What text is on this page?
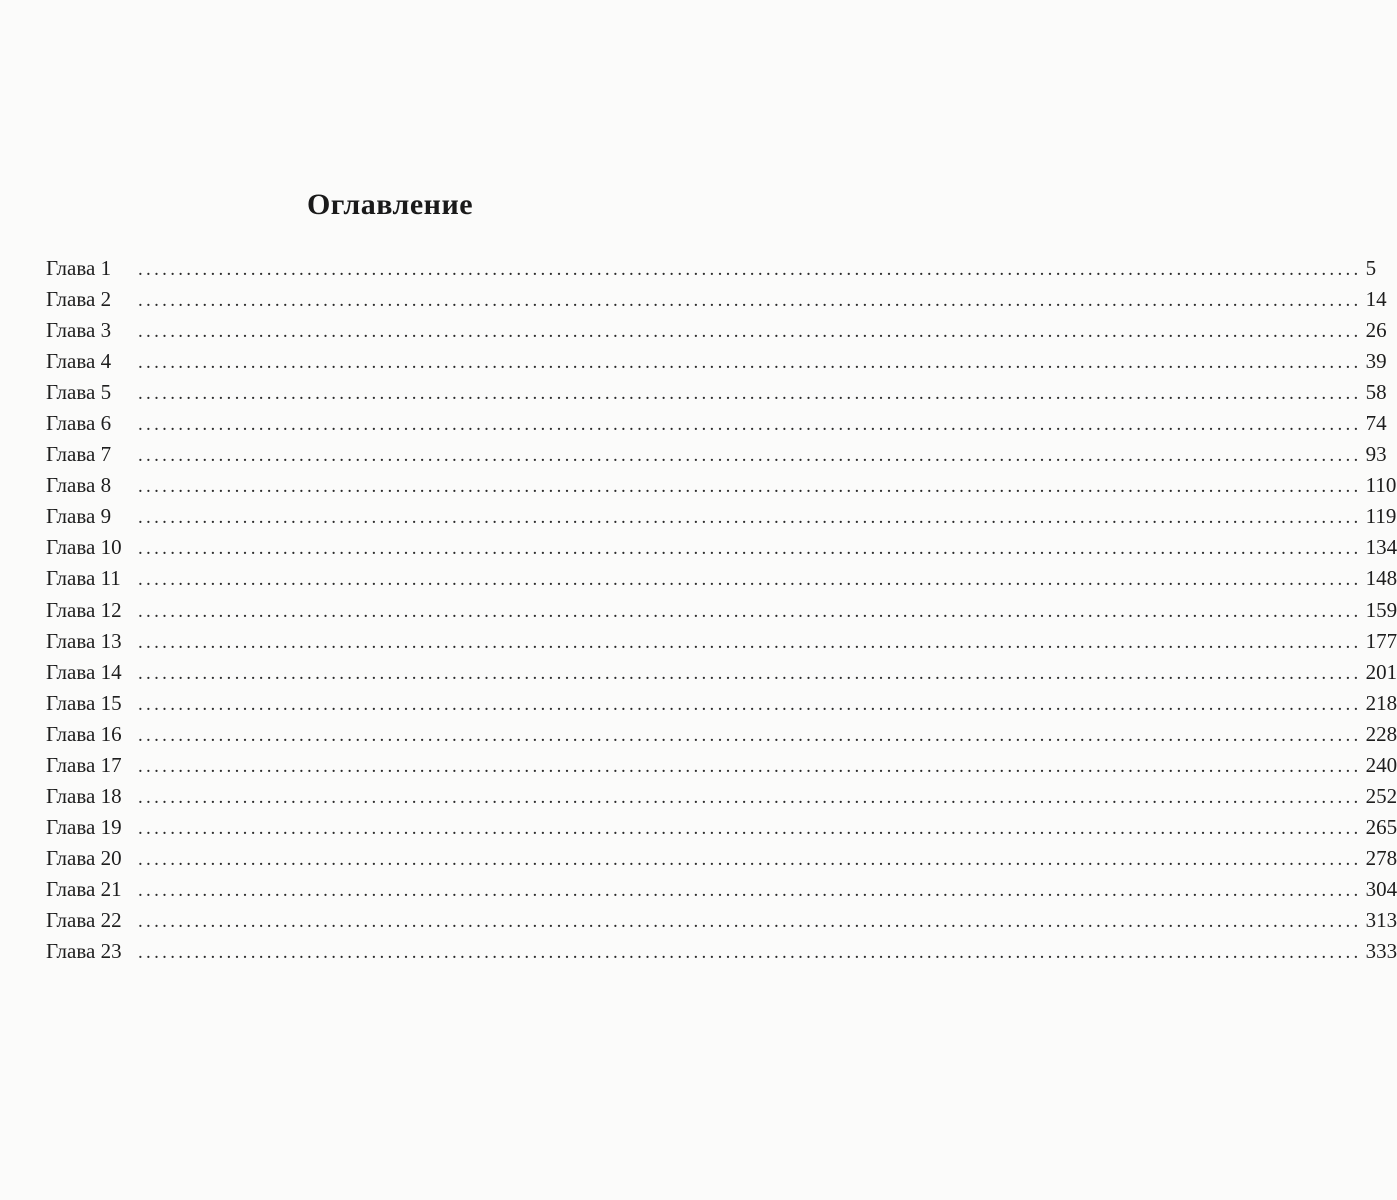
Оглавление
Глава 1	........................................................................................................................................................ 5
Глава 2	........................................................................................................................................................ 14
Глава 3	........................................................................................................................................................ 26
Глава 4	........................................................................................................................................................ 39
Глава 5	........................................................................................................................................................ 58
Глава 6	........................................................................................................................................................ 74
Глава 7	........................................................................................................................................................ 93
Глава 8	........................................................................................................................................................ 110
Глава 9	........................................................................................................................................................ 119
Глава 10 ........................................................................................................................................................ 134
Глава 11 ........................................................................................................................................................ 148
Глава 12 ........................................................................................................................................................ 159
Глава 13 ........................................................................................................................................................ 177
Глава 14 ........................................................................................................................................................ 201
Глава 15 ........................................................................................................................................................ 218
Глава 16 ........................................................................................................................................................ 228
Глава 17 ........................................................................................................................................................ 240
Глава 18 ........................................................................................................................................................ 252
Глава 19 ........................................................................................................................................................ 265
Глава 20 ........................................................................................................................................................ 278
Глава 21 ........................................................................................................................................................ 304
Глава 22 ........................................................................................................................................................ 313
Глава 23 ........................................................................................................................................................ 333
